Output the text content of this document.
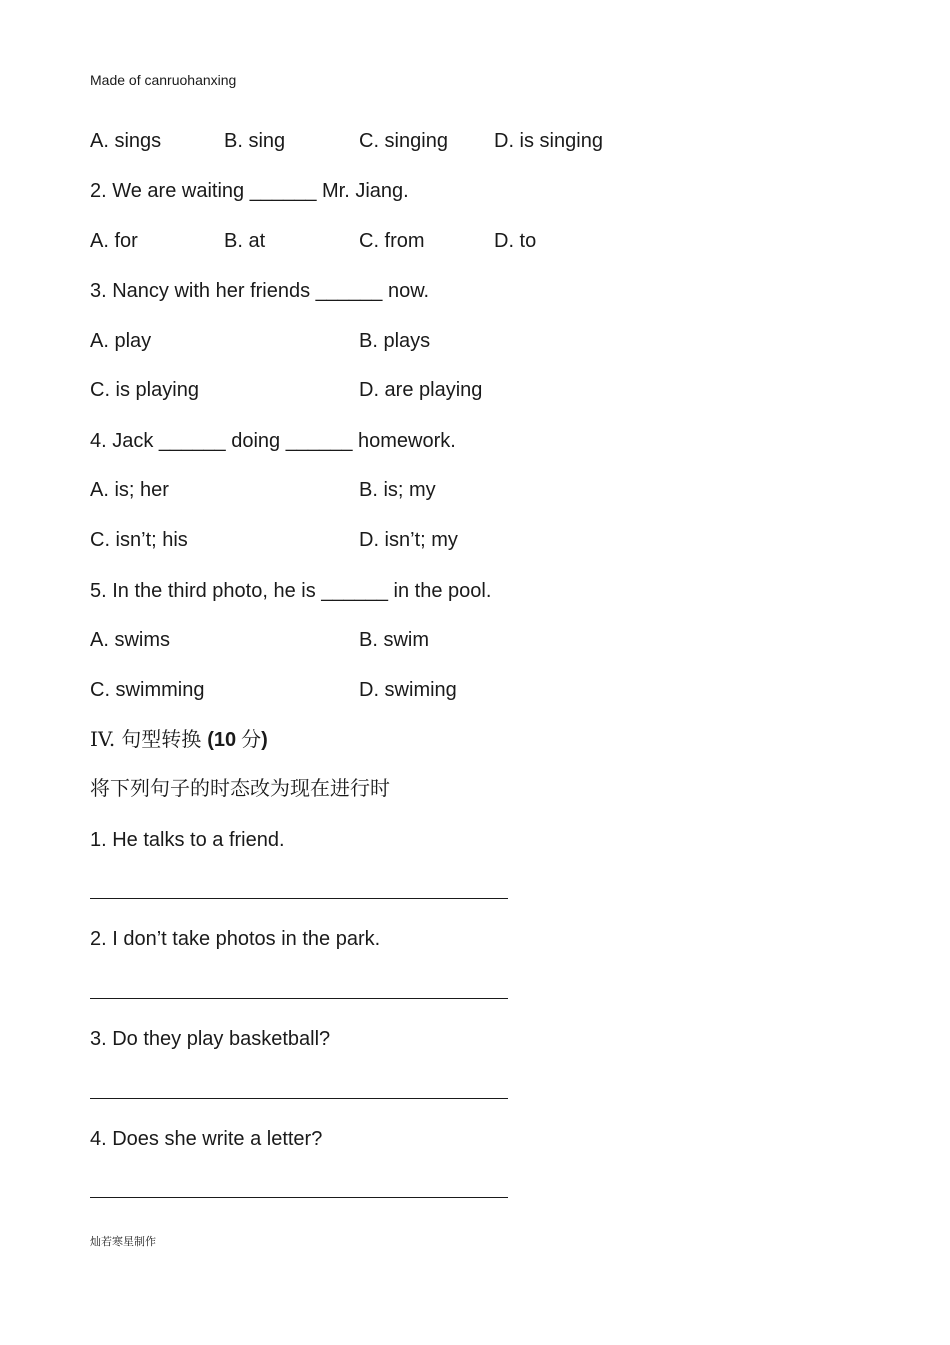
Made of canruohanxing
A. sings	B. sing	C. singing D. is singing
2. We are waiting ______ Mr. Jiang.
A. for	B. at	C. from	D. to
3. Nancy with her friends ______ now.
A. play	B. plays
C. is playing	D. are playing
4. Jack ______ doing ______ homework.
A. is; her	B. is; my
C. isn’t; his	D. isn’t; my
5. In the third photo, he is ______ in the pool.
A. swims	B. swim
C. swimming	D. swiming
IV. 句型转换 (10 分)
将下列句子的时态改为现在进行时
1. He talks to a friend.
2. I don’t take photos in the park.
3. Do they play basketball?
4. Does she write a letter?
灿若寒星制作
